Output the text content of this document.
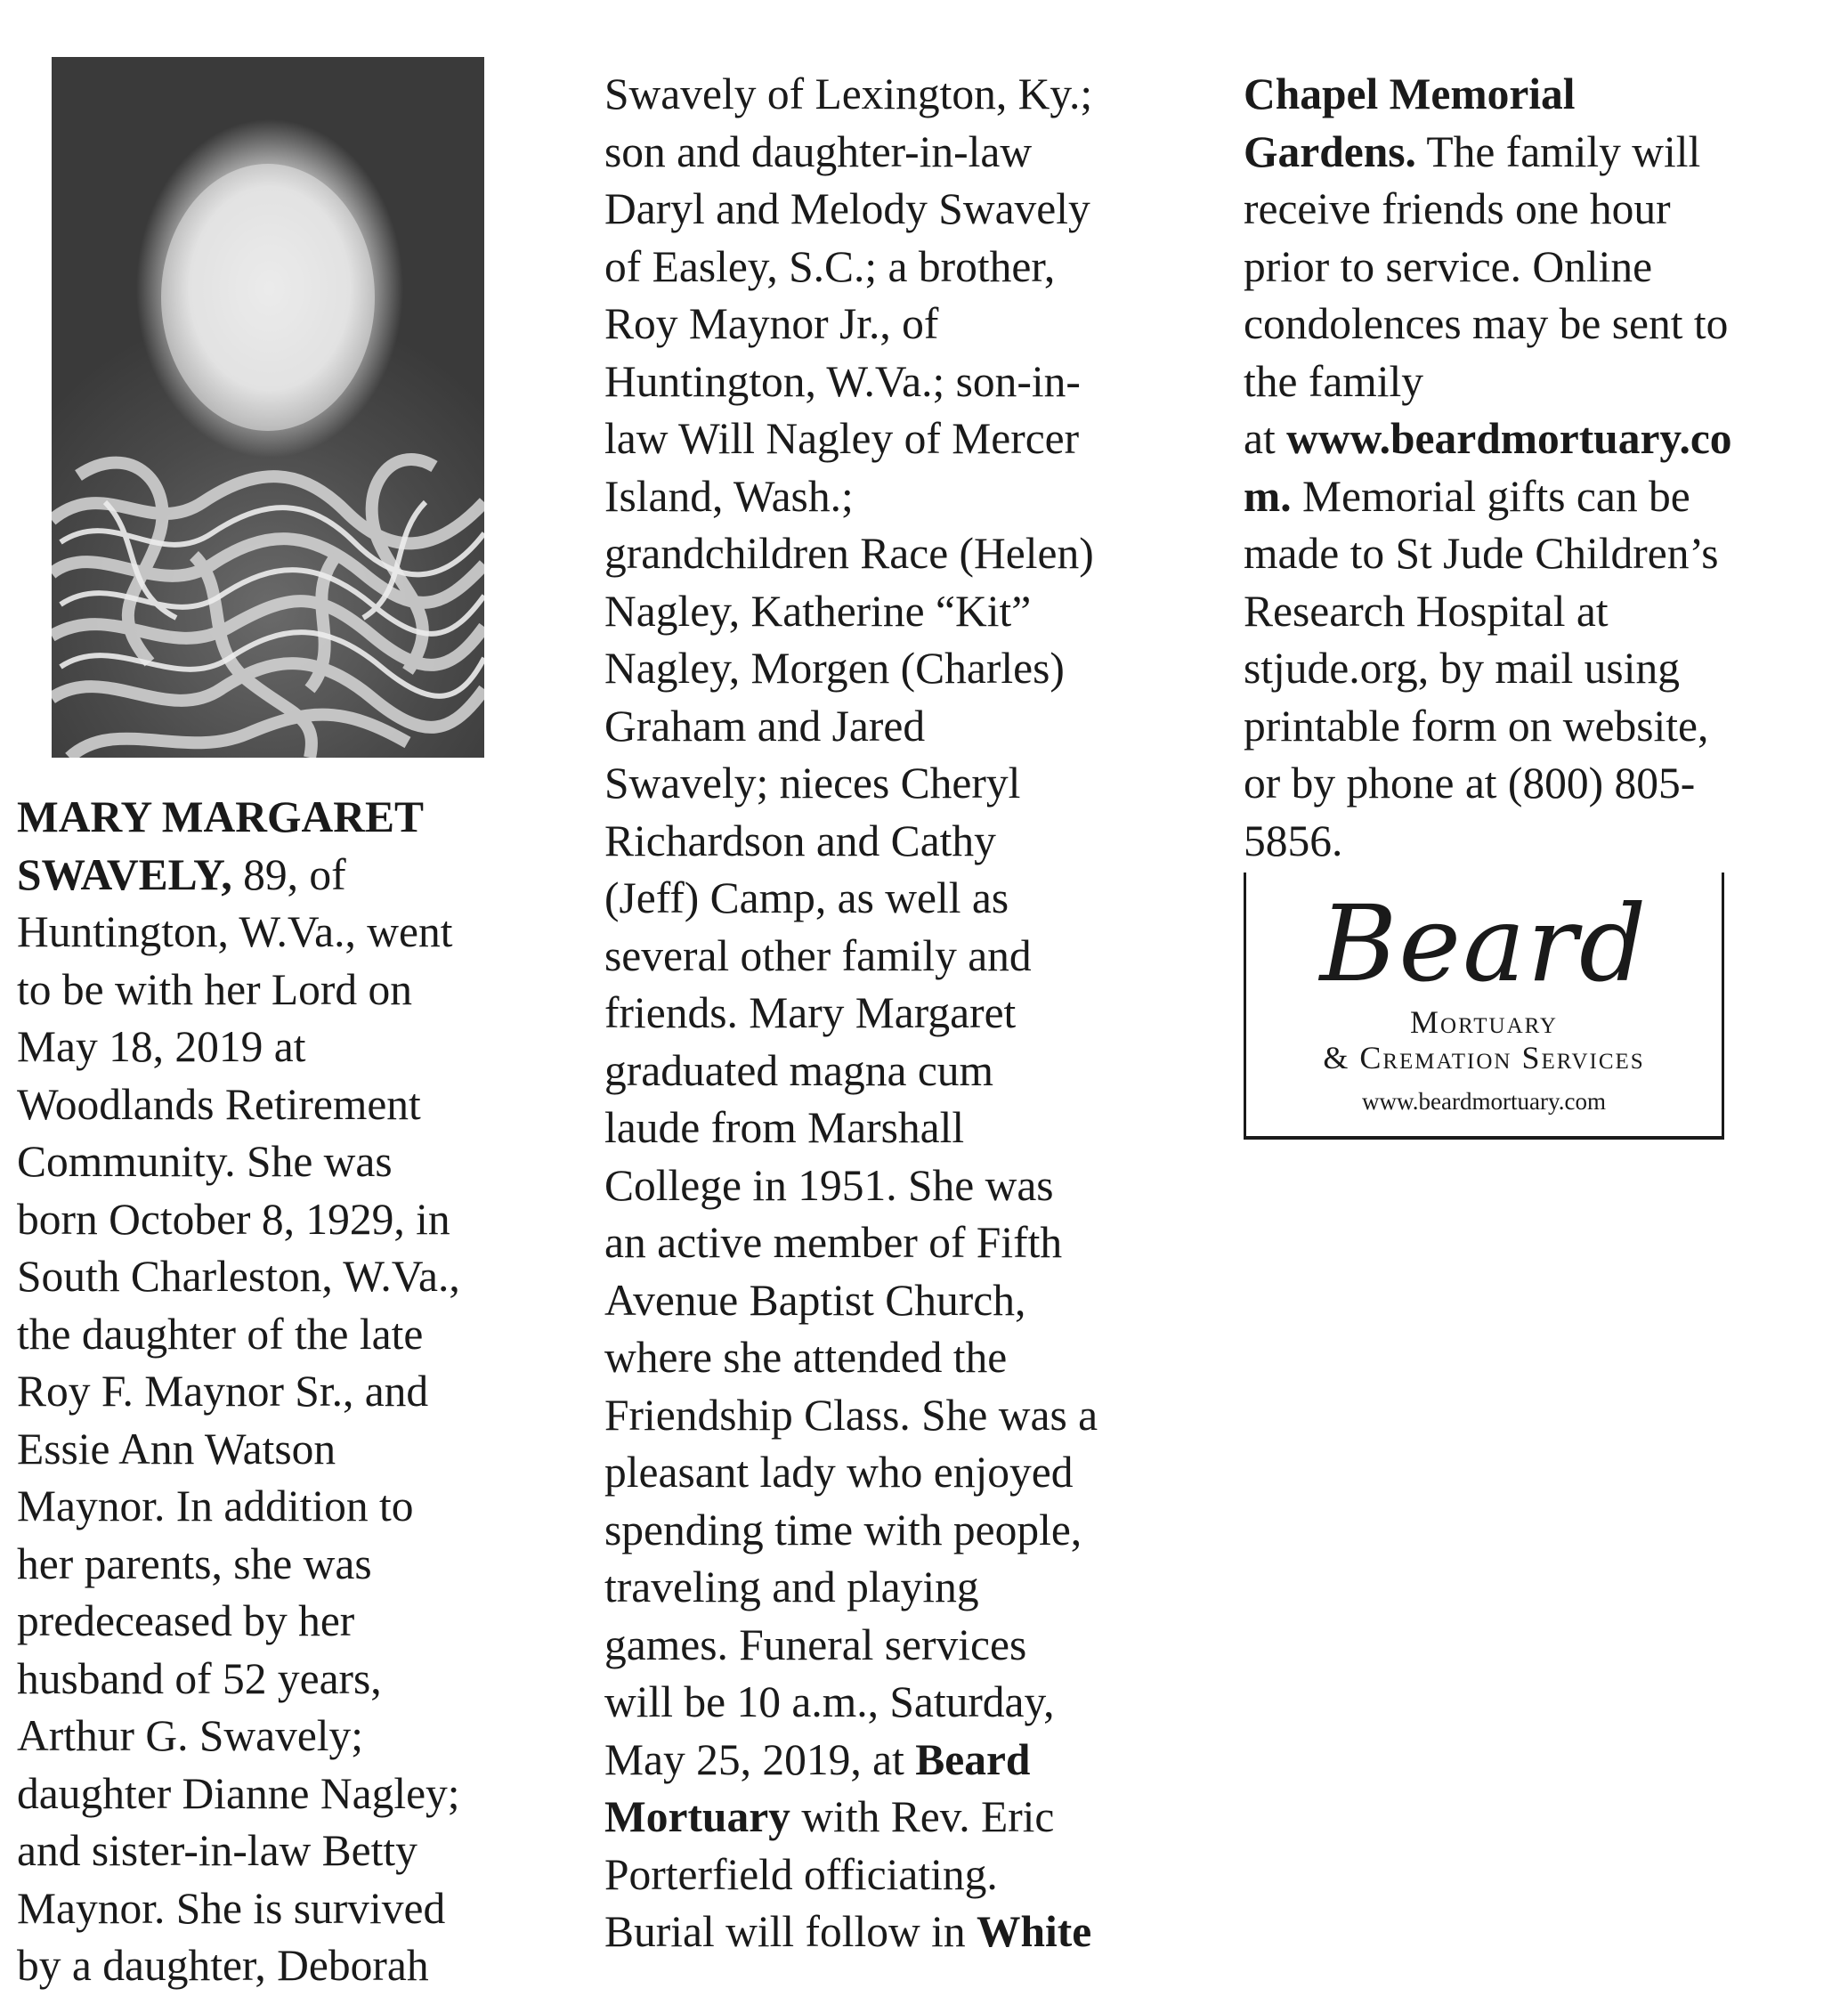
MARY MARGARET
SWAVELY, 89, of
Huntington, W.Va., went
to be with her Lord on
May 18, 2019 at
Woodlands Retirement
Community. She was
born October 8, 1929, in
South Charleston, W.Va.,
the daughter of the late
Roy F. Maynor Sr., and
Essie Ann Watson
Maynor. In addition to
her parents, she was
predeceased by her
husband of 52 years,
Arthur G. Swavely;
daughter Dianne Nagley;
and sister-in-law Betty
Maynor. She is survived
by a daughter, Deborah
Swavely of Lexington, Ky.;
son and daughter-in-law
Daryl and Melody Swavely
of Easley, S.C.; a brother,
Roy Maynor Jr., of
Huntington, W.Va.; son-in-
law Will Nagley of Mercer
Island, Wash.;
grandchildren Race (Helen)
Nagley, Katherine “Kit”
Nagley, Morgen (Charles)
Graham and Jared
Swavely; nieces Cheryl
Richardson and Cathy
(Jeff) Camp, as well as
several other family and
friends. Mary Margaret
graduated magna cum
laude from Marshall
College in 1951. She was
an active member of Fifth
Avenue Baptist Church,
where she attended the
Friendship Class. She was a
pleasant lady who enjoyed
spending time with people,
traveling and playing
games. Funeral services
will be 10 a.m., Saturday,
May 25, 2019, at Beard
Mortuary with Rev. Eric
Porterfield officiating.
Burial will follow in White
Chapel Memorial
Gardens. The family will
receive friends one hour
prior to service. Online
condolences may be sent to
the family
at www.beardmortuary.co
m. Memorial gifts can be
made to St Jude Children’s
Research Hospital at
stjude.org, by mail using
printable form on website,
or by phone at (800) 805-
5856.
Beard
Mortuary
& Cremation Services
www.beardmortuary.com
